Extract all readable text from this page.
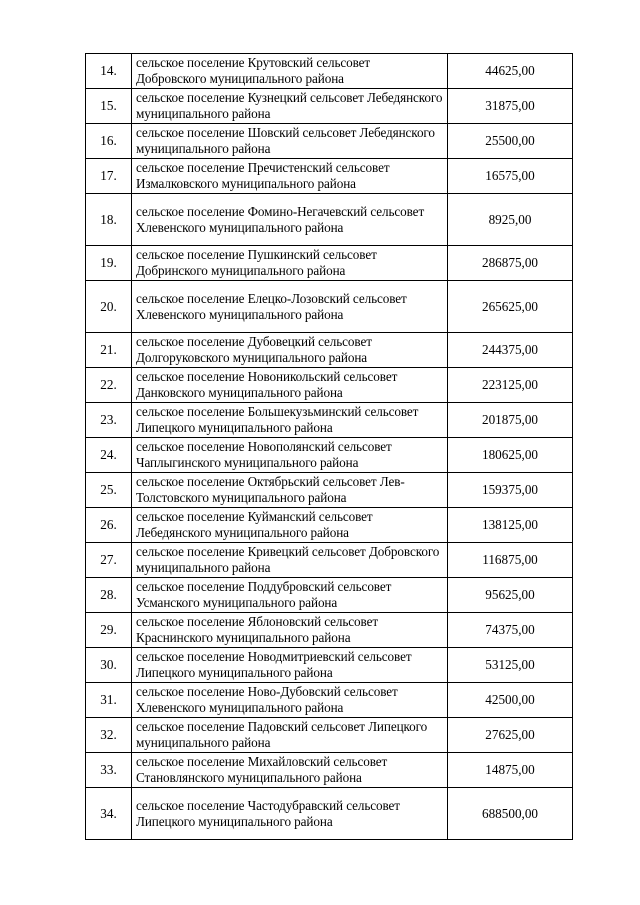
14.	сельское поселение Крутовский сельсовет Добровского муниципального района	44625,00
15.	сельское поселение Кузнецкий сельсовет Лебедянского муниципального района	31875,00
16.	сельское поселение Шовский сельсовет Лебедянского муниципального района	25500,00
17.	сельское поселение Пречистенский сельсовет Измалковского муниципального района	16575,00
18.	сельское поселение Фомино-Негачевский сельсовет Хлевенского муниципального района	8925,00
19.	сельское поселение Пушкинский сельсовет Добринского муниципального района	286875,00
20.	сельское поселение Елецко-Лозовский сельсовет Хлевенского муниципального района	265625,00
21.	сельское поселение Дубовецкий сельсовет Долгоруковского муниципального района	244375,00
22.	сельское поселение Новоникольский сельсовет Данковского муниципального района	223125,00
23.	сельское поселение Большекузьминский сельсовет Липецкого муниципального района	201875,00
24.	сельское поселение Новополянский сельсовет Чаплыгинского муниципального района	180625,00
25.	сельское поселение Октябрьский сельсовет Лев-Толстовского муниципального района	159375,00
26.	сельское поселение Куйманский сельсовет Лебедянского муниципального района	138125,00
27.	сельское поселение Кривецкий сельсовет Добровского муниципального района	116875,00
28.	сельское поселение Поддубровский сельсовет Усманского муниципального района	95625,00
29.	сельское поселение Яблоновский сельсовет Краснинского муниципального района	74375,00
30.	сельское поселение Новодмитриевский сельсовет Липецкого муниципального района	53125,00
31.	сельское поселение Ново-Дубовский сельсовет Хлевенского муниципального района	42500,00
32.	сельское поселение Падовский сельсовет Липецкого муниципального района	27625,00
33.	сельское поселение Михайловский сельсовет Становлянского муниципального района	14875,00
34.	сельское поселение Частодубравский сельсовет Липецкого муниципального района	688500,00
